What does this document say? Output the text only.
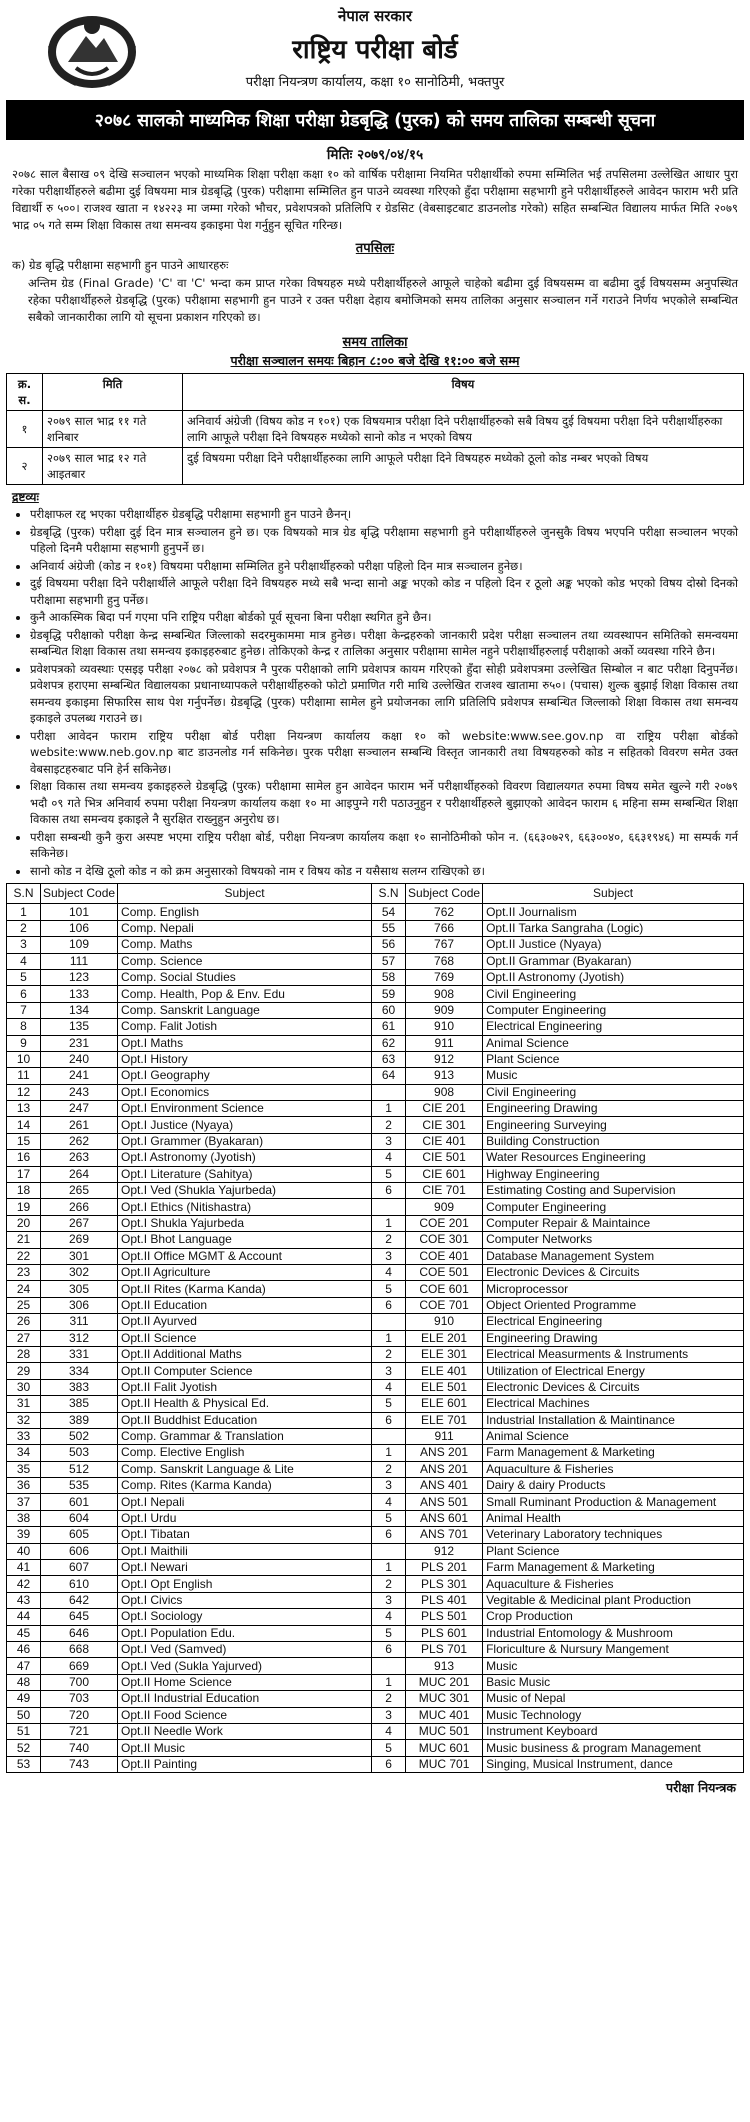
नेपाल सरकार
राष्ट्रिय परीक्षा बोर्ड
परीक्षा नियन्त्रण कार्यालय, कक्षा १० सानोठिमी, भक्तपुर
२०७८ सालको माध्यमिक शिक्षा परीक्षा ग्रेडबृद्धि (पुरक) को समय तालिका सम्बन्धी सूचना
मितिः २०७९/०४/१५

२०७८ साल बैसाख ०९ देखि सञ्चालन भएको माध्यमिक शिक्षा परीक्षा कक्षा १० को वार्षिक परीक्षामा नियमित परीक्षार्थीको रुपमा सम्मिलित भई तपसिलमा उल्लेखित आधार पुरा गरेका परीक्षार्थीहरुले बढीमा दुई विषयमा मात्र ग्रेडबृद्धि (पुरक) परीक्षामा सम्मिलित हुन पाउने व्यवस्था गरिएको हुँदा परीक्षामा सहभागी हुने परीक्षार्थीहरुले आवेदन फाराम भरी प्रति विद्यार्थी रु ५००। राजश्व खाता न १४२२३ मा जम्मा गरेको भौचर, प्रवेशपत्रको प्रतिलिपि र ग्रेडसिट (वेबसाइटबाट डाउनलोड गरेको) सहित सम्बन्धित विद्यालय मार्फत मिति २०७९ भाद्र ०५ गते सम्म शिक्षा विकास तथा समन्वय इकाइमा पेश गर्नुहुन सूचित गरिन्छ।

तपसिलः
क) ग्रेड बृद्धि परीक्षामा सहभागी हुन पाउने आधारहरुः

अन्तिम ग्रेड (Final Grade) 'C' वा 'C' भन्दा कम प्राप्त गरेका विषयहरु मध्ये परीक्षार्थीहरुले आफूले चाहेको बढीमा दुई विषयसम्म वा बढीमा दुई विषयसम्म अनुपस्थित रहेका परीक्षार्थीहरुले ग्रेडबृद्धि (पुरक) परीक्षामा सहभागी हुन पाउने र उक्त परीक्षा देहाय बमोजिमको समय तालिका अनुसार सञ्चालन गर्ने गराउने निर्णय भएकोले सम्बन्धित सबैको जानकारीका लागि यो सूचना प्रकाशन गरिएको छ।

समय तालिका
परीक्षा सञ्चालन समयः बिहान ८:०० बजे देखि ११:०० बजे सम्म
क्र. स.	मिति	विषय
१	२०७९ साल भाद्र ११ गते शनिबार	अनिवार्य अंग्रेजी (विषय कोड न १०१) एक विषयमात्र परीक्षा दिने परीक्षार्थीहरुको सबै विषय दुई विषयमा परीक्षा दिने परीक्षार्थीहरुका लागि आफूले परीक्षा दिने विषयहरु मध्येको सानो कोड न भएको विषय
२	२०७९ साल भाद्र १२ गते आइतबार	दुई विषयमा परीक्षा दिने परीक्षार्थीहरुका लागि आफूले परीक्षा दिने विषयहरु मध्येको ठूलो कोड नम्बर भएको विषय
द्रष्टव्यः
• परीक्षाफल रद्द भएका परीक्षार्थीहरु ग्रेडबृद्धि परीक्षामा सहभागी हुन पाउने छैनन्।
• ग्रेडबृद्धि (पुरक) परीक्षा दुई दिन मात्र सञ्चालन हुने छ। एक विषयको मात्र ग्रेड बृद्धि परीक्षामा सहभागी हुने परीक्षार्थीहरुले जुनसुकै विषय भएपनि परीक्षा सञ्चालन भएको पहिलो दिनमै परीक्षामा सहभागी हुनुपर्ने छ।
• अनिवार्य अंग्रेजी (कोड न १०१) विषयमा परीक्षामा सम्मिलित हुने परीक्षार्थीहरुको परीक्षा पहिलो दिन मात्र सञ्चालन हुनेछ।
• दुई विषयमा परीक्षा दिने परीक्षार्थीले आफूले परीक्षा दिने विषयहरु मध्ये सबै भन्दा सानो अङ्क भएको कोड न पहिलो दिन र ठूलो अङ्क भएको कोड भएको विषय दोस्रो दिनको परीक्षामा सहभागी हुनु पर्नेछ।
• कुनै आकस्मिक बिदा पर्न गएमा पनि राष्ट्रिय परीक्षा बोर्डको पूर्व सूचना बिना परीक्षा स्थगित हुने छैन।
• ग्रेडबृद्धि परीक्षाको परीक्षा केन्द्र सम्बन्धित जिल्लाको सदरमुकाममा मात्र हुनेछ। परीक्षा केन्द्रहरुको जानकारी प्रदेश परीक्षा सञ्चालन तथा व्यवस्थापन समितिको समन्वयमा सम्बन्धित शिक्षा विकास तथा समन्वय इकाइहरुबाट हुनेछ। तोकिएको केन्द्र र तालिका अनुसार परीक्षामा सामेल नहुने परीक्षार्थीहरुलाई परीक्षाको अर्को व्यवस्था गरिने छैन।
• प्रवेशपत्रको व्यवस्थाः एसइइ परीक्षा २०७८ को प्रवेशपत्र नै पुरक परीक्षाको लागि प्रवेशपत्र कायम गरिएको हुँदा सोही प्रवेशपत्रमा उल्लेखित सिम्बोल न बाट परीक्षा दिनुपर्नेछ। प्रवेशपत्र हराएमा सम्बन्धित विद्यालयका प्रधानाध्यापकले परीक्षार्थीहरुको फोटो प्रमाणित गरी माथि उल्लेखित राजश्व खातामा रु५०। (पचास) शुल्क बुझाई शिक्षा विकास तथा समन्वय इकाइमा सिफारिस साथ पेश गर्नुपर्नेछ। ग्रेडबृद्धि (पुरक) परीक्षामा सामेल हुने प्रयोजनका लागि प्रतिलिपि प्रवेशपत्र सम्बन्धित जिल्लाको शिक्षा विकास तथा समन्वय इकाइले उपलब्ध गराउने छ।
• परीक्षा आवेदन फाराम राष्ट्रिय परीक्षा बोर्ड परीक्षा नियन्त्रण कार्यालय कक्षा १० को website:www.see.gov.np वा राष्ट्रिय परीक्षा बोर्डको website:www.neb.gov.np बाट डाउनलोड गर्न सकिनेछ। पुरक परीक्षा सञ्चालन सम्बन्धि विस्तृत जानकारी तथा विषयहरुको कोड न सहितको विवरण समेत उक्त वेबसाइटहरुबाट पनि हेर्न सकिनेछ।
• शिक्षा विकास तथा समन्वय इकाइहरुले ग्रेडबृद्धि (पुरक) परीक्षामा सामेल हुन आवेदन फाराम भर्ने परीक्षार्थीहरुको विवरण विद्यालयगत रुपमा विषय समेत खुल्ने गरी २०७९ भदौ ०९ गते भित्र अनिवार्य रुपमा परीक्षा नियन्त्रण कार्यालय कक्षा १० मा आइपुग्ने गरी पठाउनुहुन र परीक्षार्थीहरुले बुझाएको आवेदन फाराम ६ महिना सम्म सम्बन्धित शिक्षा विकास तथा समन्वय इकाइले नै सुरक्षित राख्नुहुन अनुरोध छ।
• परीक्षा सम्बन्धी कुनै कुरा अस्पष्ट भएमा राष्ट्रिय परीक्षा बोर्ड, परीक्षा नियन्त्रण कार्यालय कक्षा १० सानोठिमीको फोन न. (६६३०७२९, ६६३००४०, ६६३१९४६) मा सम्पर्क गर्न सकिनेछ।
• सानो कोड न देखि ठूलो कोड न को क्रम अनुसारको विषयको नाम र विषय कोड न यसैसाथ सलग्न राखिएको छ।
S.N	Subject Code	Subject	S.N	Subject Code	Subject
1	101	Comp. English	54	762	Opt.II Journalism
2	106	Comp. Nepali	55	766	Opt.II Tarka Sangraha (Logic)
3	109	Comp. Maths	56	767	Opt.II Justice (Nyaya)
4	111	Comp. Science	57	768	Opt.II Grammar (Byakaran)
5	123	Comp. Social Studies	58	769	Opt.II Astronomy (Jyotish)
6	133	Comp. Health, Pop & Env. Edu	59	908	Civil Engineering
7	134	Comp. Sanskrit Language	60	909	Computer Engineering
8	135	Comp. Falit Jotish	61	910	Electrical Engineering
9	231	Opt.I Maths	62	911	Animal Science
10	240	Opt.I History	63	912	Plant Science
11	241	Opt.I Geography	64	913	Music
12	243	Opt.I Economics		908	Civil Engineering
13	247	Opt.I Environment Science	1	CIE 201	Engineering Drawing
14	261	Opt.I Justice (Nyaya)	2	CIE 301	Engineering Surveying
15	262	Opt.I Grammer (Byakaran)	3	CIE 401	Building Construction
16	263	Opt.I Astronomy (Jyotish)	4	CIE 501	Water Resources Engineering
17	264	Opt.I Literature (Sahitya)	5	CIE 601	Highway Engineering
18	265	Opt.I Ved (Shukla Yajurbeda)	6	CIE 701	Estimating Costing and Supervision
19	266	Opt.I Ethics (Nitishastra)		909	Computer Engineering
20	267	Opt.I Shukla Yajurbeda	1	COE 201	Computer Repair & Maintaince
21	269	Opt.I Bhot Language	2	COE 301	Computer Networks
22	301	Opt.II Office MGMT & Account	3	COE 401	Database Management System
23	302	Opt.II Agriculture	4	COE 501	Electronic Devices & Circuits
24	305	Opt.II Rites (Karma Kanda)	5	COE 601	Microprocessor
25	306	Opt.II Education	6	COE 701	Object Oriented Programme
26	311	Opt.II Ayurved		910	Electrical Engineering
27	312	Opt.II Science	1	ELE 201	Engineering Drawing
28	331	Opt.II Additional Maths	2	ELE 301	Electrical Measurments & Instruments
29	334	Opt.II Computer Science	3	ELE 401	Utilization of Electrical Energy
30	383	Opt.II Falit Jyotish	4	ELE 501	Electronic Devices & Circuits
31	385	Opt.II Health & Physical Ed.	5	ELE 601	Electrical Machines
32	389	Opt.II Buddhist Education	6	ELE 701	Industrial Installation & Maintinance
33	502	Comp. Grammar & Translation		911	Animal Science
34	503	Comp. Elective English	1	ANS 201	Farm Management & Marketing
35	512	Comp. Sanskrit Language & Lite	2	ANS 201	Aquaculture & Fisheries
36	535	Comp. Rites (Karma Kanda)	3	ANS 401	Dairy & dairy Products
37	601	Opt.I Nepali	4	ANS 501	Small Ruminant Production & Management
38	604	Opt.I Urdu	5	ANS 601	Animal Health
39	605	Opt.I Tibatan	6	ANS 701	Veterinary Laboratory techniques
40	606	Opt.I Maithili		912	Plant Science
41	607	Opt.I Newari	1	PLS 201	Farm Management & Marketing
42	610	Opt.I Opt English	2	PLS 301	Aquaculture & Fisheries
43	642	Opt.I Civics	3	PLS 401	Vegitable & Medicinal plant Production
44	645	Opt.I Sociology	4	PLS 501	Crop Production
45	646	Opt.I Population Edu.	5	PLS 601	Industrial Entomology & Mushroom
46	668	Opt.I Ved (Samved)	6	PLS 701	Floriculture & Nursury Mangement
47	669	Opt.I Ved (Sukla Yajurved)		913	Music
48	700	Opt.II Home Science	1	MUC 201	Basic Music
49	703	Opt.II Industrial Education	2	MUC 301	Music of Nepal
50	720	Opt.II Food Science	3	MUC 401	Music Technology
51	721	Opt.II Needle Work	4	MUC 501	Instrument Keyboard
52	740	Opt.II Music	5	MUC 601	Music business & program Management
53	743	Opt.II Painting	6	MUC 701	Singing, Musical Instrument, dance
परीक्षा नियन्त्रक
